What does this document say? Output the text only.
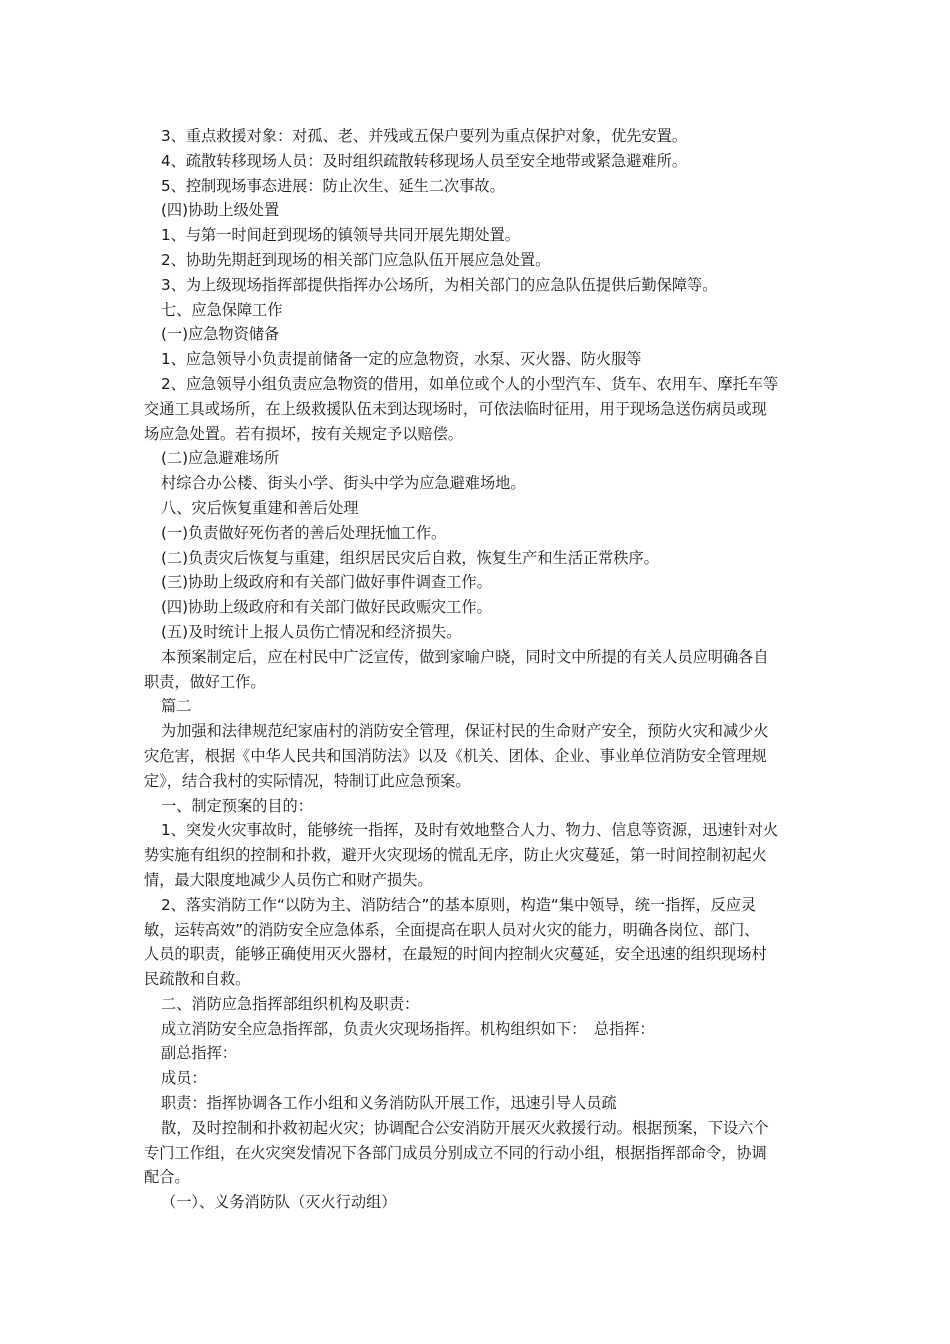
3、重点救援对象：对孤、老、并残或五保户要列为重点保护对象，优先安置。
4、疏散转移现场人员：及时组织疏散转移现场人员至安全地带或紧急避难所。
5、控制现场事态进展：防止次生、延生二次事故。
(四)协助上级处置
1、与第一时间赶到现场的镇领导共同开展先期处置。
2、协助先期赶到现场的相关部门应急队伍开展应急处置。
3、为上级现场指挥部提供指挥办公场所，为相关部门的应急队伍提供后勤保障等。
七、应急保障工作
(一)应急物资储备
1、应急领导小负责提前储备一定的应急物资，水泵、灭火器、防火服等
2、应急领导小组负责应急物资的借用，如单位或个人的小型汽车、货车、农用车、摩托车等
交通工具或场所，在上级救援队伍未到达现场时，可依法临时征用，用于现场急送伤病员或现
场应急处置。若有损坏，按有关规定予以赔偿。
(二)应急避难场所
村综合办公楼、街头小学、街头中学为应急避难场地。
八、灾后恢复重建和善后处理
(一)负责做好死伤者的善后处理抚恤工作。
(二)负责灾后恢复与重建，组织居民灾后自救，恢复生产和生活正常秩序。
(三)协助上级政府和有关部门做好事件调查工作。
(四)协助上级政府和有关部门做好民政赈灾工作。
(五)及时统计上报人员伤亡情况和经济损失。
本预案制定后，应在村民中广泛宣传，做到家喻户晓，同时文中所提的有关人员应明确各自
职责，做好工作。
篇二
为加强和法律规范纪家庙村的消防安全管理，保证村民的生命财产安全，预防火灾和减少火
灾危害，根据《中华人民共和国消防法》以及《机关、团体、企业、事业单位消防安全管理规
定》，结合我村的实际情况，特制订此应急预案。
一、制定预案的目的：
1、突发火灾事故时，能够统一指挥，及时有效地整合人力、物力、信息等资源，迅速针对火
势实施有组织的控制和扑救，避开火灾现场的慌乱无序，防止火灾蔓延，第一时间控制初起火
情，最大限度地减少人员伤亡和财产损失。
2、落实消防工作“以防为主、消防结合”的基本原则，构造“集中领导，统一指挥，反应灵
敏，运转高效”的消防安全应急体系，全面提高在职人员对火灾的能力，明确各岗位、部门、
人员的职责，能够正确使用灭火器材，在最短的时间内控制火灾蔓延，安全迅速的组织现场村
民疏散和自救。
二、消防应急指挥部组织机构及职责：
成立消防安全应急指挥部，负责火灾现场指挥。机构组织如下：　总指挥：
副总指挥：
成员：
职责：指挥协调各工作小组和义务消防队开展工作，迅速引导人员疏
散，及时控制和扑救初起火灾；协调配合公安消防开展灭火救援行动。根据预案，下设六个
专门工作组，在火灾突发情况下各部门成员分别成立不同的行动小组，根据指挥部命令，协调
配合。
（一）、义务消防队（灭火行动组）
